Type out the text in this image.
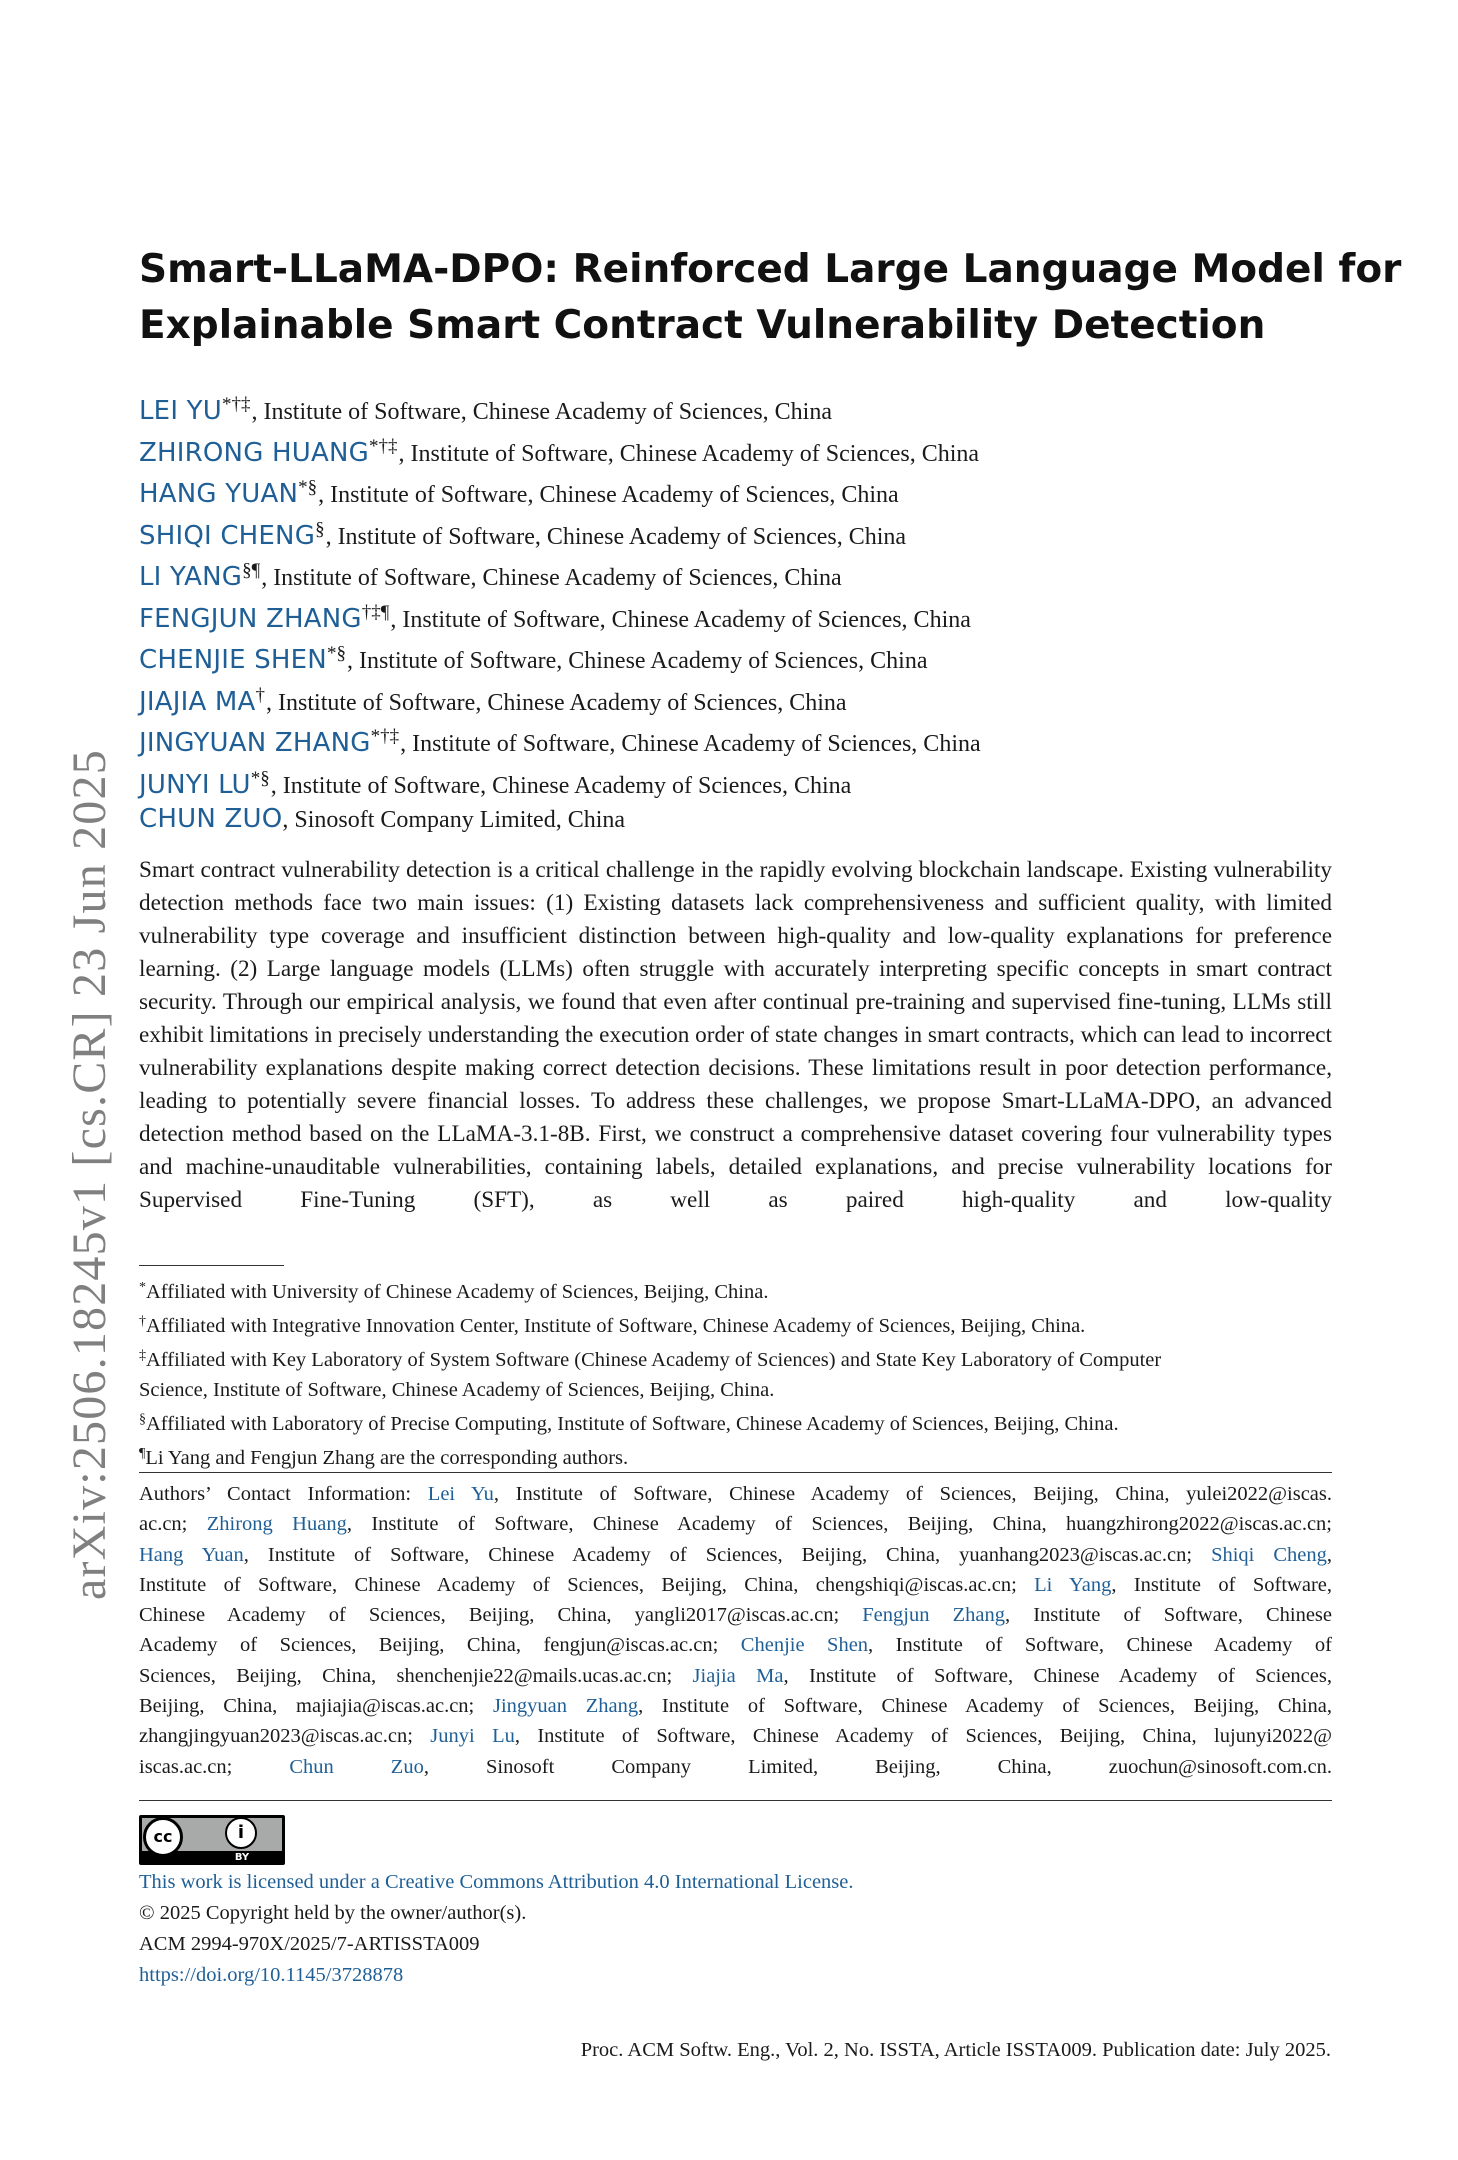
arXiv:2506.18245v1 [cs.CR] 23 Jun 2025
Smart-LLaMA-DPO: Reinforced Large Language Model for
Explainable Smart Contract Vulnerability Detection
LEI YU*†‡, Institute of Software, Chinese Academy of Sciences, China
ZHIRONG HUANG*†‡, Institute of Software, Chinese Academy of Sciences, China
HANG YUAN*§, Institute of Software, Chinese Academy of Sciences, China
SHIQI CHENG§, Institute of Software, Chinese Academy of Sciences, China
LI YANG§¶, Institute of Software, Chinese Academy of Sciences, China
FENGJUN ZHANG†‡¶, Institute of Software, Chinese Academy of Sciences, China
CHENJIE SHEN*§, Institute of Software, Chinese Academy of Sciences, China
JIAJIA MA†, Institute of Software, Chinese Academy of Sciences, China
JINGYUAN ZHANG*†‡, Institute of Software, Chinese Academy of Sciences, China
JUNYI LU*§, Institute of Software, Chinese Academy of Sciences, China
CHUN ZUO, Sinosoft Company Limited, China

Smart contract vulnerability detection is a critical challenge in the rapidly evolving blockchain landscape. Existing vulnerability detection methods face two main issues: (1) Existing datasets lack comprehensiveness and sufficient quality, with limited vulnerability type coverage and insufficient distinction between high-quality and low-quality explanations for preference learning. (2) Large language models (LLMs) often struggle with accurately interpreting specific concepts in smart contract security. Through our empirical analysis, we found that even after continual pre-training and supervised fine-tuning, LLMs still exhibit limitations in precisely understanding the execution order of state changes in smart contracts, which can lead to incorrect vulnerability explanations despite making correct detection decisions. These limitations result in poor detection performance, leading to potentially severe financial losses. To address these challenges, we propose Smart-LLaMA-DPO, an advanced detection method based on the LLaMA-3.1-8B. First, we construct a comprehensive dataset covering four vulnerability types and machine-unauditable vulnerabilities, containing labels, detailed explanations, and precise vulnerability locations for Supervised Fine-Tuning (SFT), as well as paired high-quality and low-quality

*Affiliated with University of Chinese Academy of Sciences, Beijing, China.
†Affiliated with Integrative Innovation Center, Institute of Software, Chinese Academy of Sciences, Beijing, China.
‡Affiliated with Key Laboratory of System Software (Chinese Academy of Sciences) and State Key Laboratory of Computer
Science, Institute of Software, Chinese Academy of Sciences, Beijing, China.
§Affiliated with Laboratory of Precise Computing, Institute of Software, Chinese Academy of Sciences, Beijing, China.
¶Li Yang and Fengjun Zhang are the corresponding authors.
Authors’ Contact Information: Lei Yu, Institute of Software, Chinese Academy of Sciences, Beijing, China, yulei2022@iscas.
ac.cn; Zhirong Huang, Institute of Software, Chinese Academy of Sciences, Beijing, China, huangzhirong2022@iscas.ac.cn;
Hang Yuan, Institute of Software, Chinese Academy of Sciences, Beijing, China, yuanhang2023@iscas.ac.cn; Shiqi Cheng,
Institute of Software, Chinese Academy of Sciences, Beijing, China, chengshiqi@iscas.ac.cn; Li Yang, Institute of Software,
Chinese Academy of Sciences, Beijing, China, yangli2017@iscas.ac.cn; Fengjun Zhang, Institute of Software, Chinese
Academy of Sciences, Beijing, China, fengjun@iscas.ac.cn; Chenjie Shen, Institute of Software, Chinese Academy of
Sciences, Beijing, China, shenchenjie22@mails.ucas.ac.cn; Jiajia Ma, Institute of Software, Chinese Academy of Sciences,
Beijing, China, majiajia@iscas.ac.cn; Jingyuan Zhang, Institute of Software, Chinese Academy of Sciences, Beijing, China,
zhangjingyuan2023@iscas.ac.cn; Junyi Lu, Institute of Software, Chinese Academy of Sciences, Beijing, China, lujunyi2022@
iscas.ac.cn; Chun Zuo, Sinosoft Company Limited, Beijing, China, zuochun@sinosoft.com.cn.
cc	i
BY
This work is licensed under a Creative Commons Attribution 4.0 International License.
© 2025 Copyright held by the owner/author(s).
ACM 2994-970X/2025/7-ARTISSTA009
https://doi.org/10.1145/3728878
Proc. ACM Softw. Eng., Vol. 2, No. ISSTA, Article ISSTA009. Publication date: July 2025.
